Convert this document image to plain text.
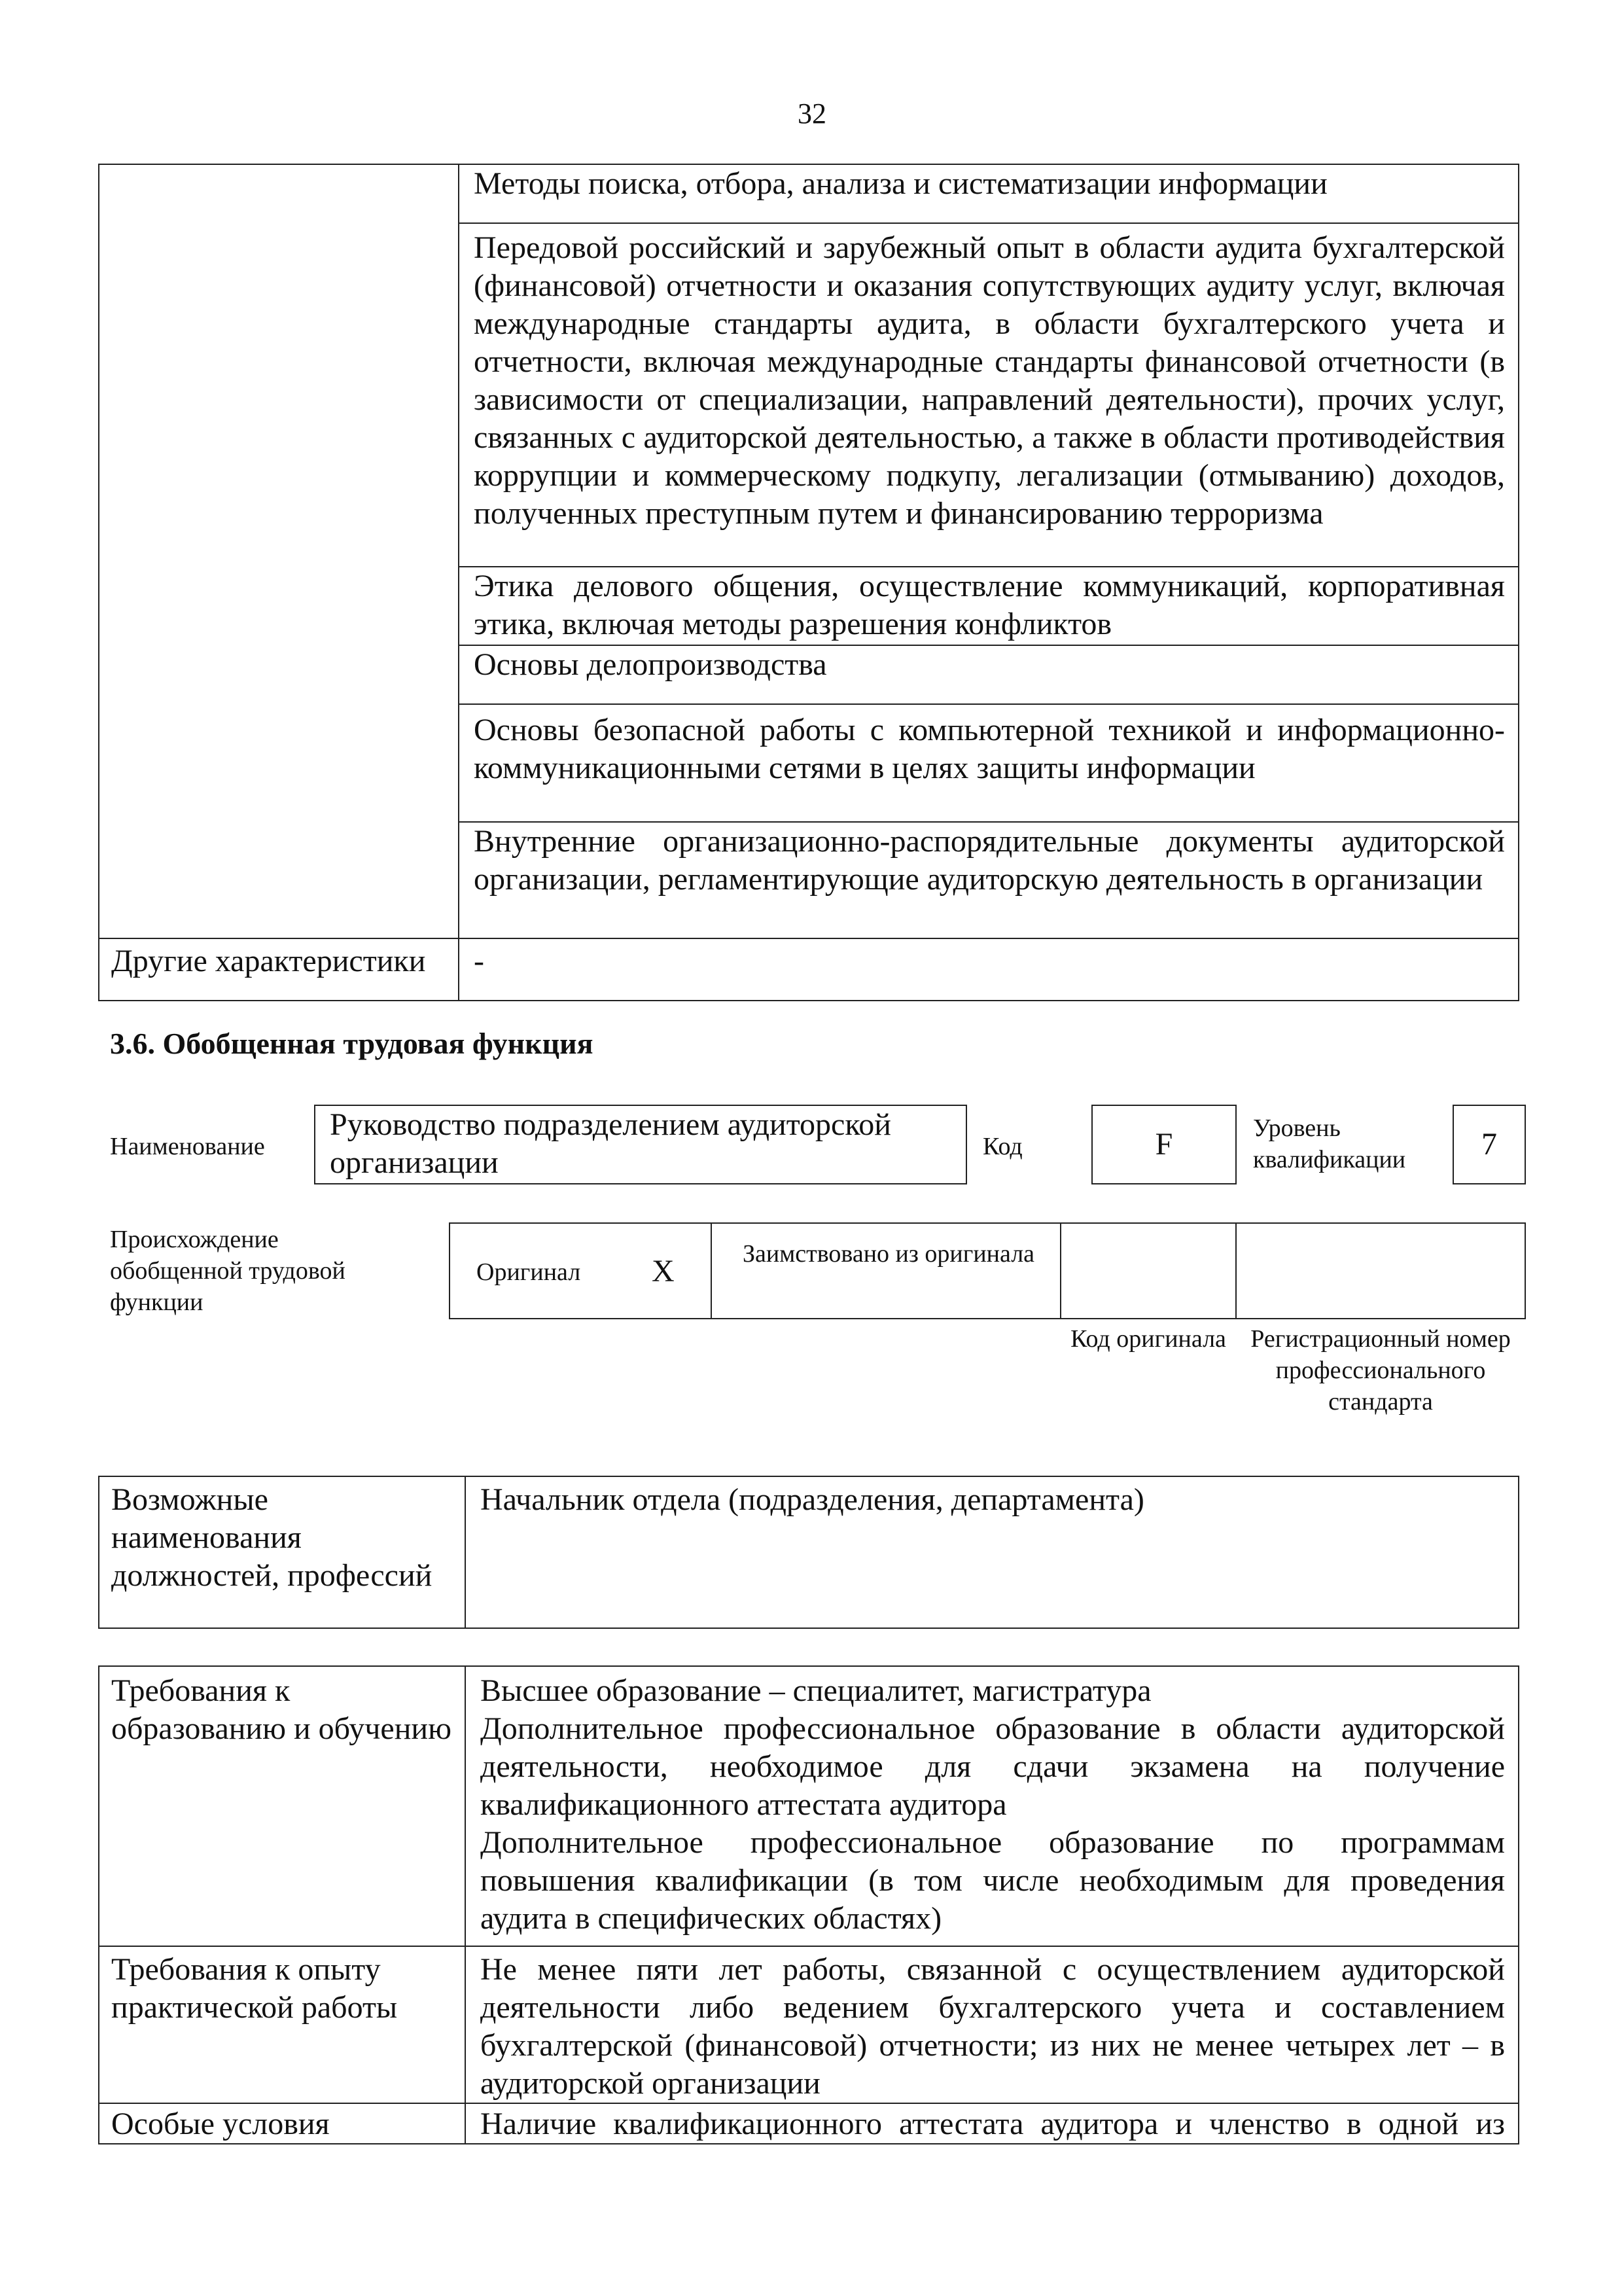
32
	Методы поиска, отбора, анализа и систематизации информации
	Передовой российский и зарубежный опыт в области аудита бухгалтерской (финансовой) отчетности и оказания сопутствующих аудиту услуг, включая международные стандарты аудита, в области бухгалтерского учета и отчетности, включая международные стандарты финансовой отчетности (в зависимости от специализации, направлений деятельности), прочих услуг, связанных с аудиторской деятельностью, а также в области противодействия коррупции и коммерческому подкупу, легализации (отмыванию) доходов, полученных преступным путем и финансированию терроризма
	Этика делового общения, осуществление коммуникаций, корпоративная этика, включая методы разрешения конфликтов
	Основы делопроизводства
	Основы безопасной работы с компьютерной техникой и информационно-коммуникационными сетями в целях защиты информации
	Внутренние организационно-распорядительные документы аудиторской организации, регламентирующие аудиторскую деятельность в организации
Другие характеристики	-
3.6. Обобщенная трудовая функция
Наименование
Руководство подразделением аудиторской организации	Код	F	Уровень квалификации	7
Происхождение обобщенной трудовой функции
Оригинал X	Заимствовано из оригинала
Код оригинала Регистрационный номер профессионального стандарта
Возможные наименования должностей, профессий	Начальник отдела (подразделения, департамента)
Требования к образованию и обучению	Высшее образование – специалитет, магистратура

Дополнительное профессиональное образование в области аудиторской деятельности, необходимое для сдачи экзамена на получение квалификационного аттестата аудитора

Дополнительное профессиональное образование по программам повышения квалификации (в том числе необходимым для проведения аудита в специфических областях)

Требования к опыту практической работы	Не менее пяти лет работы, связанной с осуществлением аудиторской деятельности либо ведением бухгалтерского учета и составлением бухгалтерской (финансовой) отчетности; из них не менее четырех лет – в аудиторской организации
Особые условия	Наличие квалификационного аттестата аудитора и членство в одной из
